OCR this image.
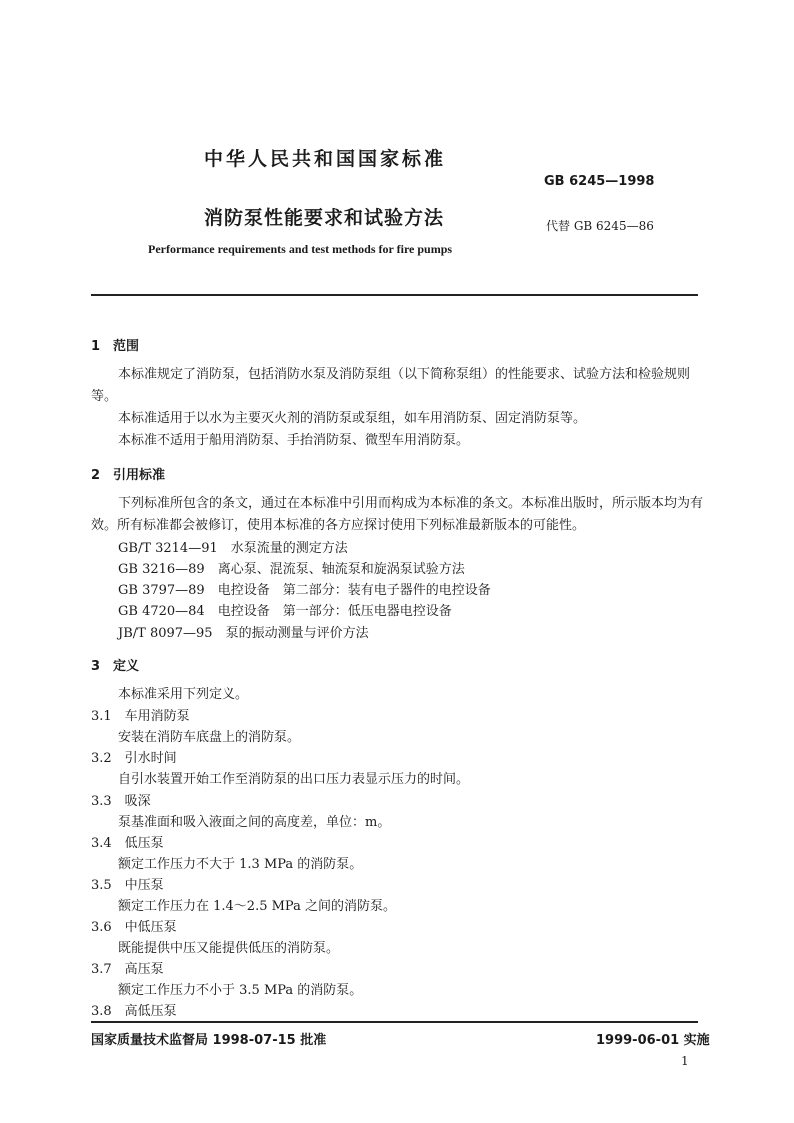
中华人民共和国国家标准
GB 6245—1998
消防泵性能要求和试验方法	代替 GB 6245—86
Performance requirements and test methods for fire pumps
1　范围
本标准规定了消防泵，包括消防水泵及消防泵组（以下简称泵组）的性能要求、试验方法和检验规则等。
本标准适用于以水为主要灭火剂的消防泵或泵组，如车用消防泵、固定消防泵等。
本标准不适用于船用消防泵、手抬消防泵、微型车用消防泵。
2　引用标准
下列标准所包含的条文，通过在本标准中引用而构成为本标准的条文。本标准出版时，所示版本均为有效。所有标准都会被修订，使用本标准的各方应探讨使用下列标准最新版本的可能性。
GB/T 3214—91　水泵流量的测定方法
GB 3216—89　离心泵、混流泵、轴流泵和旋涡泵试验方法
GB 3797—89　电控设备　第二部分：装有电子器件的电控设备
GB 4720—84　电控设备　第一部分：低压电器电控设备
JB/T 8097—95　泵的振动测量与评价方法
3　定义
本标准采用下列定义。
3.1　车用消防泵
安装在消防车底盘上的消防泵。
3.2　引水时间
自引水装置开始工作至消防泵的出口压力表显示压力的时间。
3.3　吸深
泵基准面和吸入液面之间的高度差，单位：m。
3.4　低压泵
额定工作压力不大于 1.3 MPa 的消防泵。
3.5　中压泵
额定工作压力在 1.4～2.5 MPa 之间的消防泵。
3.6　中低压泵
既能提供中压又能提供低压的消防泵。
3.7　高压泵
额定工作压力不小于 3.5 MPa 的消防泵。
3.8　高低压泵
国家质量技术监督局 1998-07-15 批准	1999-06-01 实施
1
